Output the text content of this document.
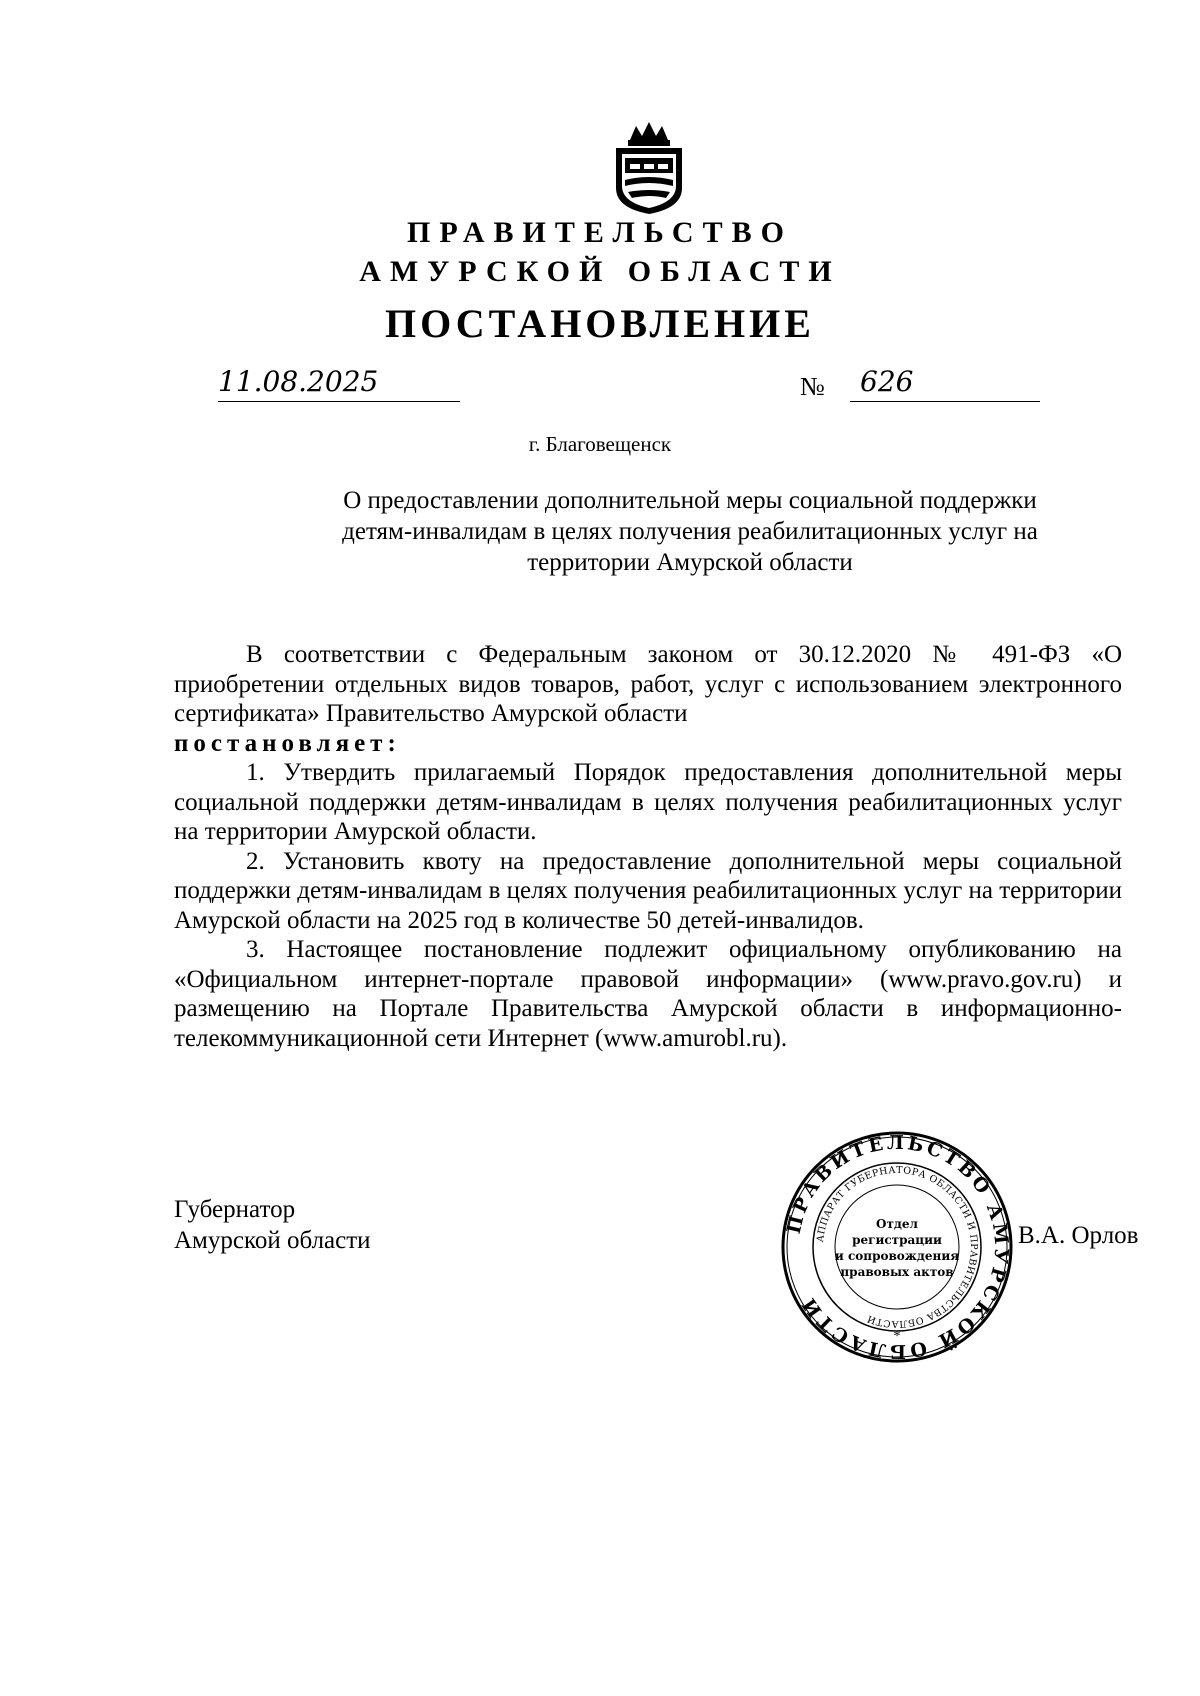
ПРАВИТЕЛЬСТВО
АМУРСКОЙ ОБЛАСТИ
ПОСТАНОВЛЕНИЕ
11.08.2025	№ 626
г. Благовещенск
О предоставлении дополнительной меры социальной поддержки
детям-инвалидам в целях получения реабилитационных услуг на
территории Амурской области

В соответствии с Федеральным законом от 30.12.2020 № 491-ФЗ «О приобретении отдельных видов товаров, работ, услуг с использованием электронного сертификата» Правительство Амурской области

постановляет:

1. Утвердить прилагаемый Порядок предоставления дополнительной меры социальной поддержки детям-инвалидам в целях получения реабилитационных услуг на территории Амурской области.

2. Установить квоту на предоставление дополнительной меры социальной поддержки детям-инвалидам в целях получения реабилитационных услуг на территории Амурской области на 2025 год в количестве 50 детей-инвалидов.

3. Настоящее постановление подлежит официальному опубликованию на «Официальном интернет-портале правовой информации» (www.pravo.gov.ru) и размещению на Портале Правительства Амурской области в информационно-телекоммуникационной сети Интернет (www.amurobl.ru).

Губернатор
Амурской области	В.А. Орлов
ПРАВИТЕЛЬСТВО АМУРСКОЙ ОБЛАСТИ
АППАРАТ ГУБЕРНАТОРА ОБЛАСТИ И ПРАВИТЕЛЬСТВА ОБЛАСТИ
Отдел
регистрации
и сопровождения
правовых актов
*
